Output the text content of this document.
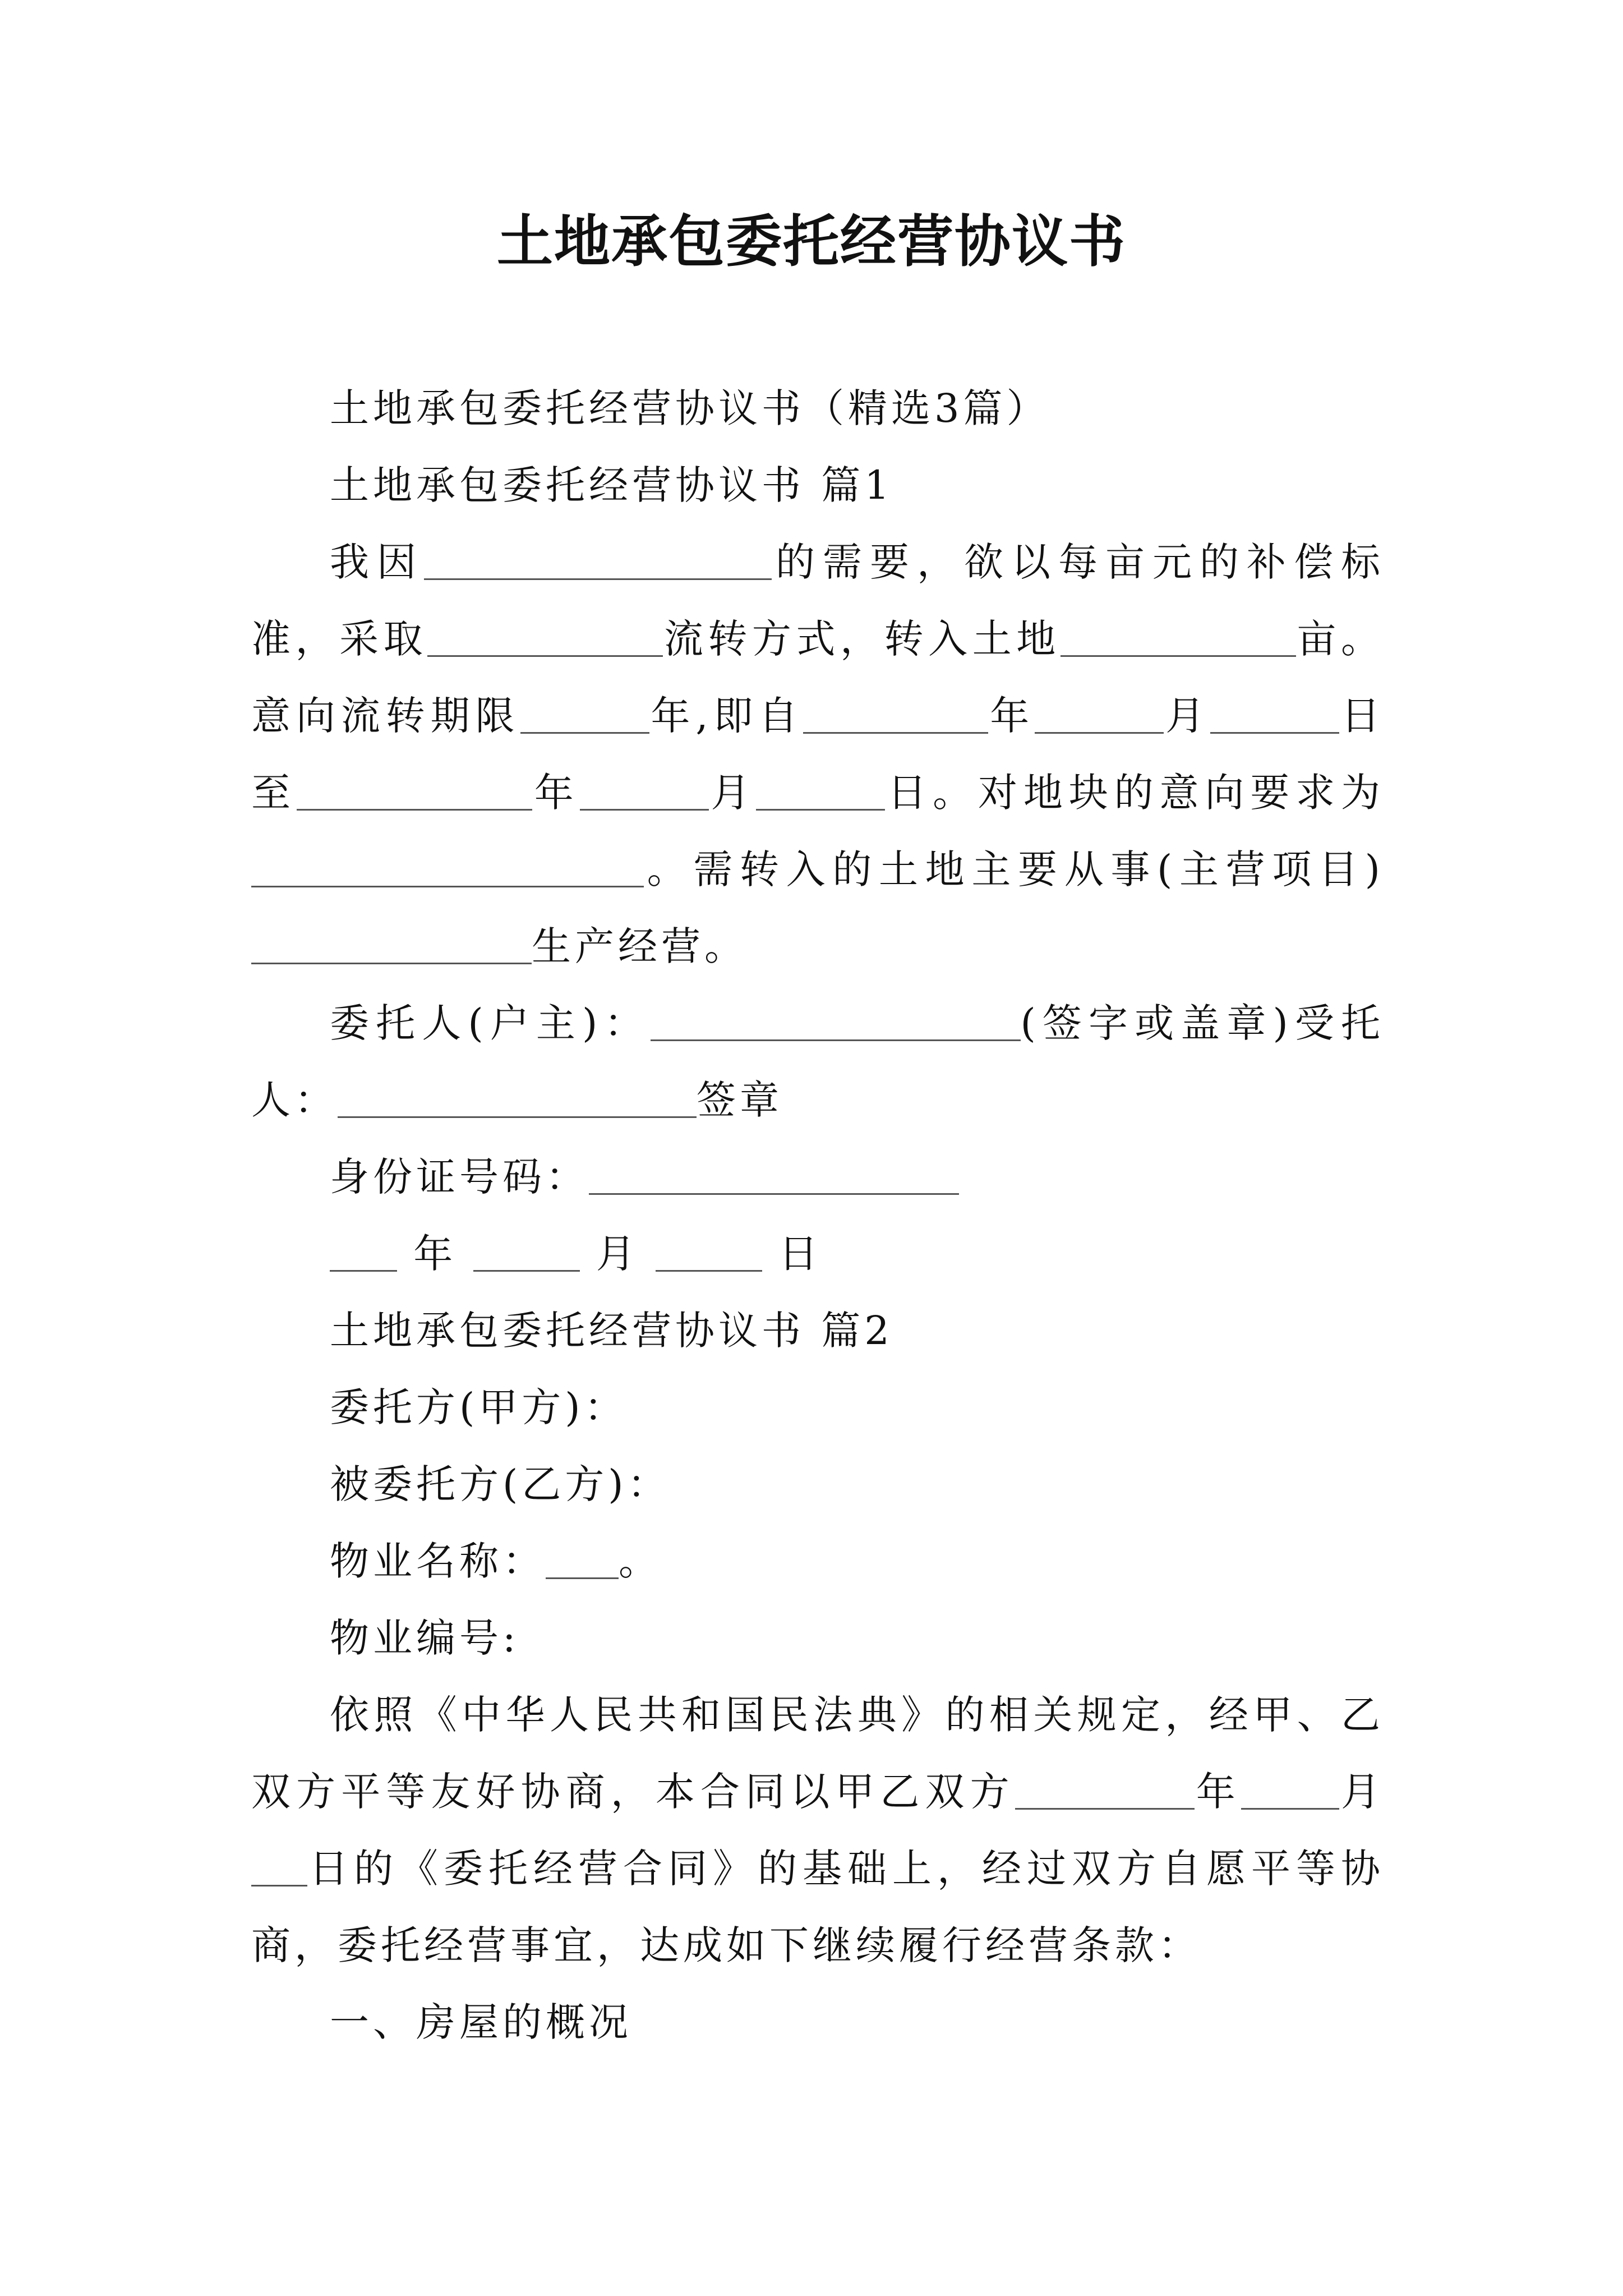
土地承包委托经营协议书

土地承包委托经营协议书（精选3篇）

土地承包委托经营协议书 篇1

我因	的需要，欲以每亩元的补偿标准，采取	流转方式，转入土地	亩。意向流转期限	年,即自	年	月	日至	年	月	日。对地块的意向要求为。需转入的土地主要从事(主营项目)生产经营。

委托人(户主)：	(签字或盖章)受托人：	签章

身份证号码：

年	月	日

土地承包委托经营协议书 篇2

委托方(甲方)：

被委托方(乙方)：

物业名称： 。

物业编号:

依照《中华人民共和国民法典》的相关规定，经甲、乙双方平等友好协商，本合同以甲乙双方	年	月日的《委托经营合同》的基础上，经过双方自愿平等协商，委托经营事宜，达成如下继续履行经营条款：

一、房屋的概况
